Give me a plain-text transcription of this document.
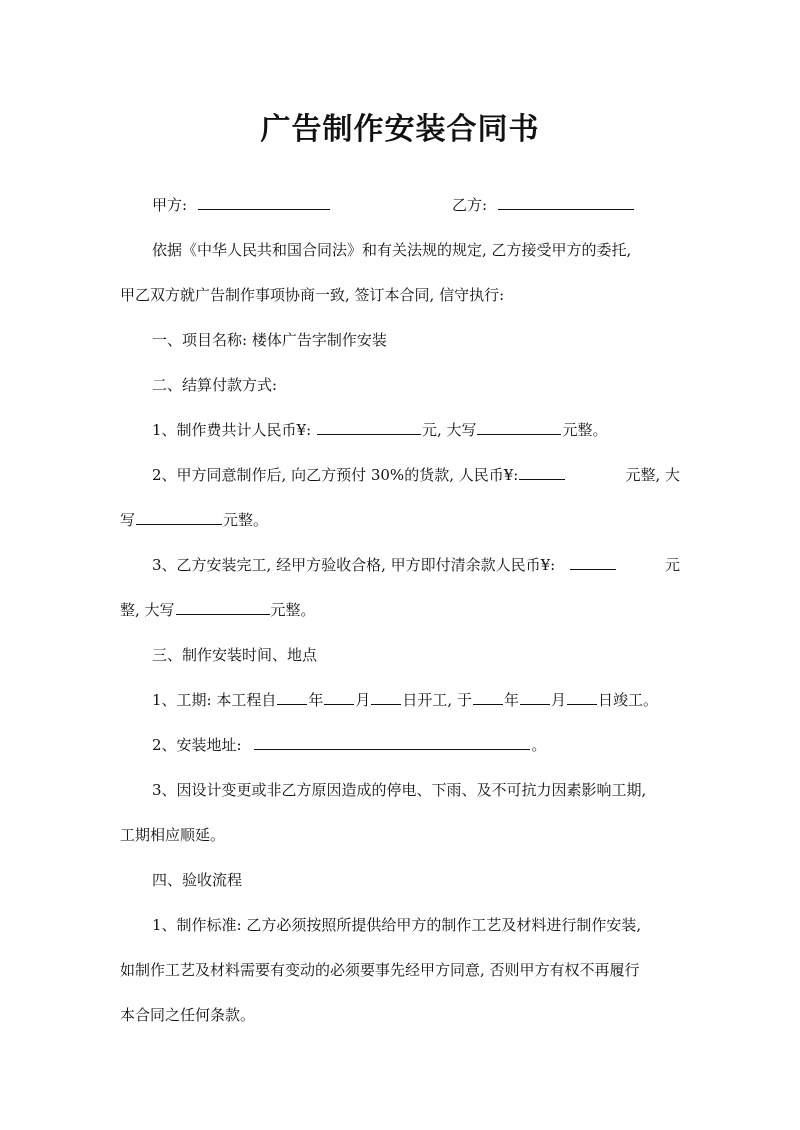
广告制作安装合同书
甲方:	乙方:
依据《中华人民共和国合同法》和有关法规的规定, 乙方接受甲方的委托,
甲乙双方就广告制作事项协商一致, 签订本合同, 信守执行:
一、项目名称: 楼体广告字制作安装
二、结算付款方式:
1、制作费共计人民币¥:	元, 大写	元整。
2、甲方同意制作后, 向乙方预付 30%的货款, 人民币¥:	元整, 大
写	元整。
3、乙方安装完工, 经甲方验收合格, 甲方即付清余款人民币¥:	元
整, 大写	元整。
三、制作安装时间、地点
1、工期: 本工程自 年 月 日开工, 于 年 月 日竣工。
2、安装地址:	。
3、因设计变更或非乙方原因造成的停电、下雨、及不可抗力因素影响工期,
工期相应顺延。
四、验收流程
1、制作标准: 乙方必须按照所提供给甲方的制作工艺及材料进行制作安装,
如制作工艺及材料需要有变动的必须要事先经甲方同意, 否则甲方有权不再履行
本合同之任何条款。
